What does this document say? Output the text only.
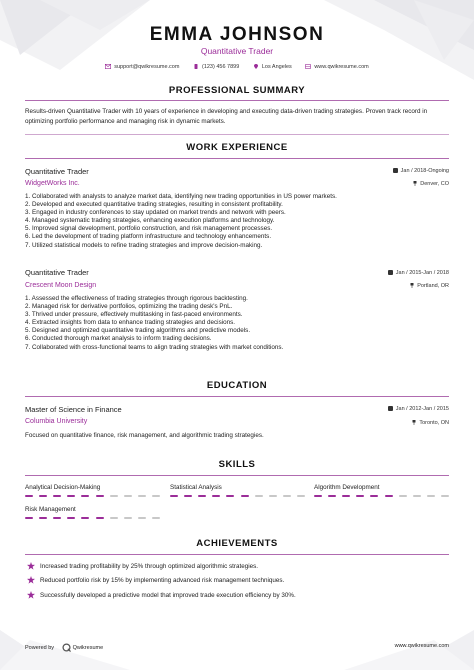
EMMA JOHNSON
Quantitative Trader
support@qwikresume.com	(123) 456 7899	Los Angeles	www.qwikresume.com
PROFESSIONAL SUMMARY
Results-driven Quantitative Trader with 10 years of experience in developing and executing data-driven trading strategies. Proven track record in optimizing portfolio performance and managing risk in dynamic markets.
WORK EXPERIENCE
Quantitative Trader	Jan / 2018-Ongoing
WidgetWorks Inc.	Denver, CO
1. Collaborated with analysts to analyze market data, identifying new trading opportunities in US power markets.
2. Developed and executed quantitative trading strategies, resulting in consistent profitability.
3. Engaged in industry conferences to stay updated on market trends and network with peers.
4. Managed systematic trading strategies, enhancing execution platforms and technology.
5. Improved signal development, portfolio construction, and risk management processes.
6. Led the development of trading platform infrastructure and technology enhancements.
7. Utilized statistical models to refine trading strategies and improve decision-making.
Quantitative Trader	Jan / 2015-Jan / 2018
Crescent Moon Design	Portland, OR
1. Assessed the effectiveness of trading strategies through rigorous backtesting.
2. Managed risk for derivative portfolios, optimizing the trading desk's PnL.
3. Thrived under pressure, effectively multitasking in fast-paced environments.
4. Extracted insights from data to enhance trading strategies and decisions.
5. Designed and optimized quantitative trading algorithms and predictive models.
6. Conducted thorough market analysis to inform trading decisions.
7. Collaborated with cross-functional teams to align trading strategies with market conditions.
EDUCATION
Master of Science in Finance	Jan / 2012-Jan / 2015
Columbia University	Toronto, ON
Focused on quantitative finance, risk management, and algorithmic trading strategies.
SKILLS
Analytical Decision-Making	Statistical Analysis	Algorithm Development
Risk Management
ACHIEVEMENTS
Increased trading profitability by 25% through optimized algorithmic strategies.
Reduced portfolio risk by 15% by implementing advanced risk management techniques.
Successfully developed a predictive model that improved trade execution efficiency by 30%.
Powered by	Qwikresume	www.qwikresume.com
